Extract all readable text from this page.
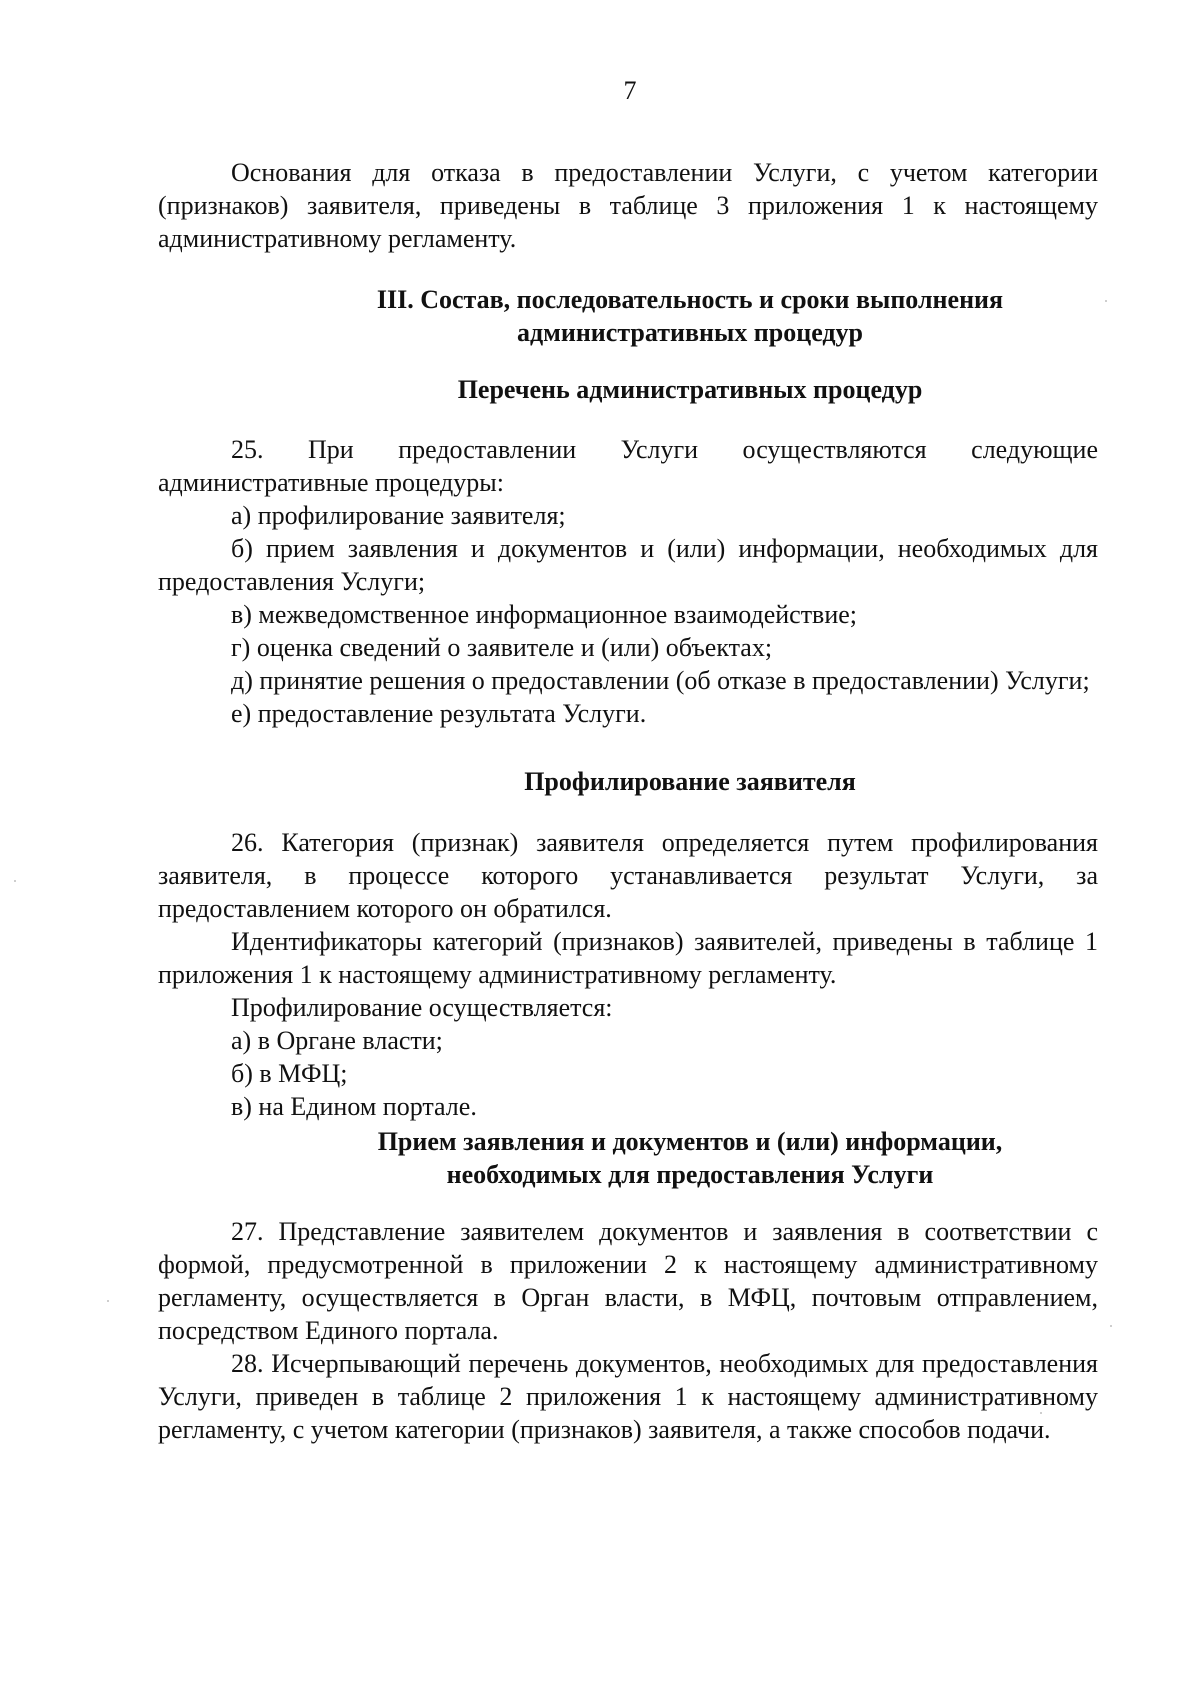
7

Основания для отказа в предоставлении Услуги, с учетом категории (признаков) заявителя, приведены в таблице 3 приложения 1 к настоящему административному регламенту.

III. Состав, последовательность и сроки выполнения
административных процедур
Перечень административных процедур

25. При предоставлении Услуги осуществляются следующие административные процедуры:

а) профилирование заявителя;

б) прием заявления и документов и (или) информации, необходимых для предоставления Услуги;

в) межведомственное информационное взаимодействие;

г) оценка сведений о заявителе и (или) объектах;

д) принятие решения о предоставлении (об отказе в предоставлении) Услуги;

е) предоставление результата Услуги.

Профилирование заявителя

26. Категория (признак) заявителя определяется путем профилирования заявителя, в процессе которого устанавливается результат Услуги, за предоставлением которого он обратился.

Идентификаторы категорий (признаков) заявителей, приведены в таблице 1 приложения 1 к настоящему административному регламенту.

Профилирование осуществляется:

а) в Органе власти;

б) в МФЦ;

в) на Едином портале.

Прием заявления и документов и (или) информации,
необходимых для предоставления Услуги

27. Представление заявителем документов и заявления в соответствии с формой, предусмотренной в приложении 2 к настоящему административному регламенту, осуществляется в Орган власти, в МФЦ, почтовым отправлением, посредством Единого портала.

28. Исчерпывающий перечень документов, необходимых для предоставления Услуги, приведен в таблице 2 приложения 1 к настоящему административному регламенту, с учетом категории (признаков) заявителя, а также способов подачи.
